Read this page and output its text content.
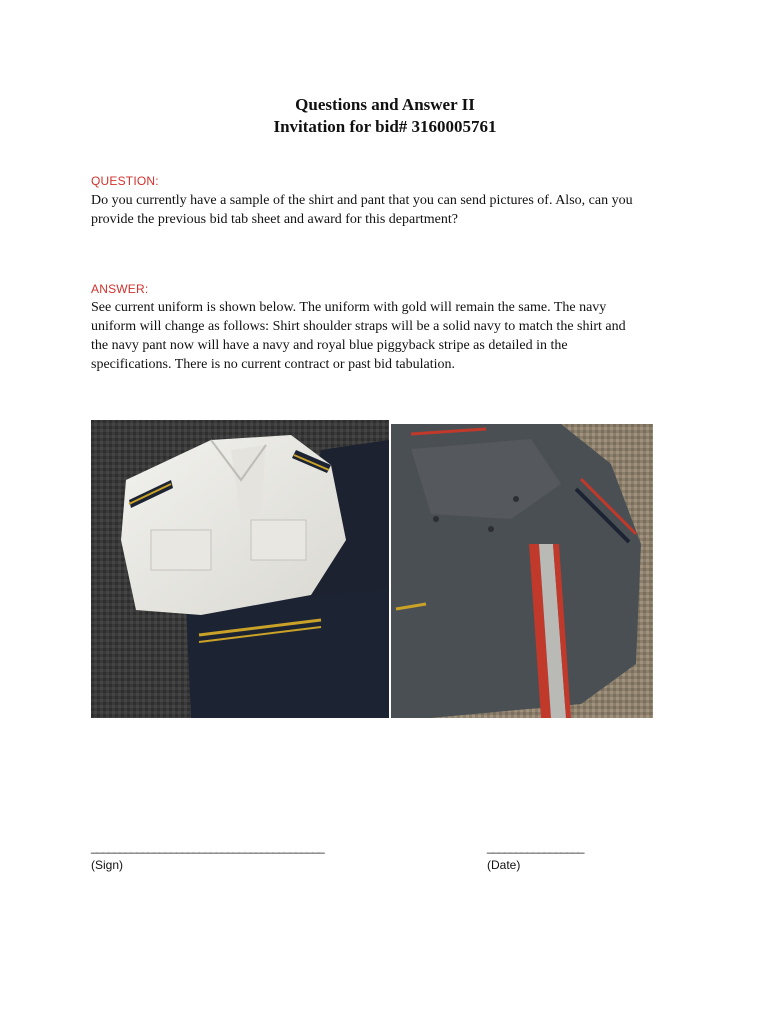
Questions and Answer II
Invitation for bid# 3160005761
QUESTION:
Do you currently have a sample of the shirt and pant that you can send pictures of. Also, can you
provide the previous bid tab sheet and award for this department?
ANSWER:
See current uniform is shown below. The uniform with gold will remain the same. The navy
uniform will change as follows: Shirt shoulder straps will be a solid navy to match the shirt and
the navy pant now will have a navy and royal blue piggyback stripe as detailed in the
specifications. There is no current contract or past bid tabulation.
_________________________________________
(Sign)
_________________
(Date)
